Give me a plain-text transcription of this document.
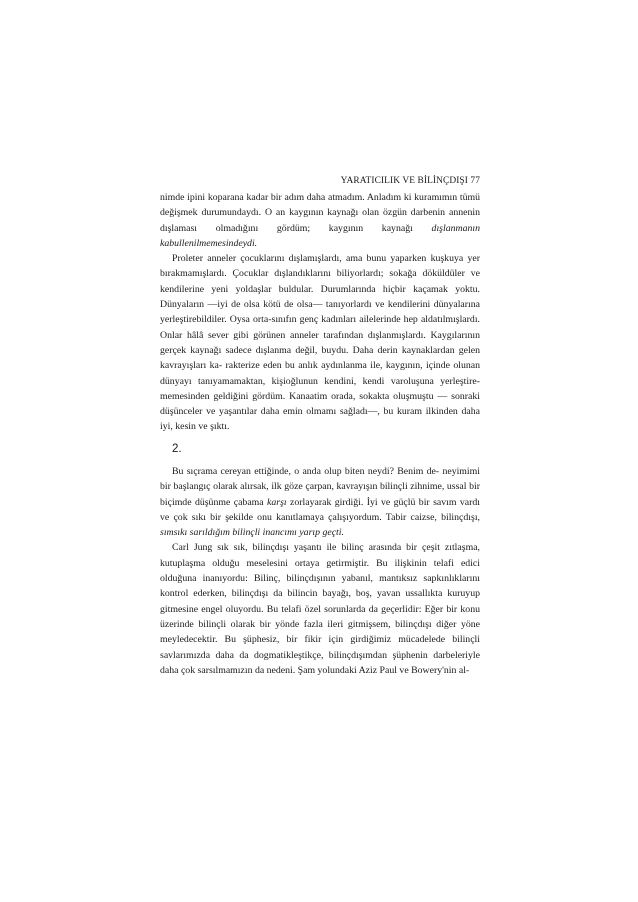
YARATICILIK VE BİLİNÇDIŞI 77

nimde ipini koparana kadar bir adım daha atmadım. Anladım ki kuramımın tümü değişmek durumundaydı. O an kaygının kaynağı olan özgün darbenin annenin dışlaması olmadığını gördüm; kaygının kaynağı dışlanmanın kabullenilmemesindeydi.

Proleter anneler çocuklarını dışlamışlardı, ama bunu yaparken kuşkuya yer bırakmamışlardı. Çocuklar dışlandıklarını biliyorlardı; sokağa döküldüler ve kendilerine yeni yoldaşlar buldular. Durumlarında hiçbir kaçamak yoktu. Dünyaların —iyi de olsa kötü de olsa— tanıyorlardı ve kendilerini dünyalarına yerleştirebildiler. Oysa orta-sınıfın genç kadınları ailelerinde hep aldatılmışlardı. Onlar hâlâ sever gibi görünen anneler tarafından dışlanmışlardı. Kaygılarının gerçek kaynağı sadece dışlanma değil, buydu. Daha derin kaynaklardan gelen kavrayışları ka- rakterize eden bu anlık aydınlanma ile, kaygının, içinde olunan dünyayı tanıyamamaktan, kişioğlunun kendini, kendi varoluşuna yerleştire- memesinden geldiğini gördüm. Kanaatim orada, sokakta oluşmuştu — sonraki düşünceler ve yaşantılar daha emin olmamı sağladı—, bu kuram ilkinden daha iyi, kesin ve şıktı.

2.

Bu sıçrama cereyan ettiğinde, o anda olup biten neydi? Benim de- neyimimi bir başlangıç olarak alırsak, ilk göze çarpan, kavrayışın bilinçli zihnime, ussal bir biçimde düşünme çabama karşı zorlayarak girdiği. İyi ve güçlü bir savım vardı ve çok sıkı bir şekilde onu kanıtlamaya çalışıyordum. Tabir caizse, bilinçdışı, sımsıkı sarıldığım bilinçli inancımı yarıp geçti.

Carl Jung sık sık, bilinçdışı yaşantı ile bilinç arasında bir çeşit zıtlaşma, kutuplaşma olduğu meselesini ortaya getirmiştir. Bu ilişkinin telafi edici olduğuna inanıyordu: Bilinç, bilinçdışının yabanıl, mantıksız sapkınlıklarını kontrol ederken, bilinçdışı da bilincin bayağı, boş, yavan ussallıkta kuruyup gitmesine engel oluyordu. Bu telafi özel sorunlarda da geçerlidir: Eğer bir konu üzerinde bilinçli olarak bir yönde fazla ileri gitmişsem, bilinçdışı diğer yöne meyledecektir. Bu şüphesiz, bir fikir için girdiğimiz mücadelede bilinçli savlarımızda daha da dogmatikleştikçe, bilinçdışımdan şüphenin darbeleriyle daha çok sarsılmamızın da nedeni. Şam yolundaki Aziz Paul ve Bowery'nin al-
